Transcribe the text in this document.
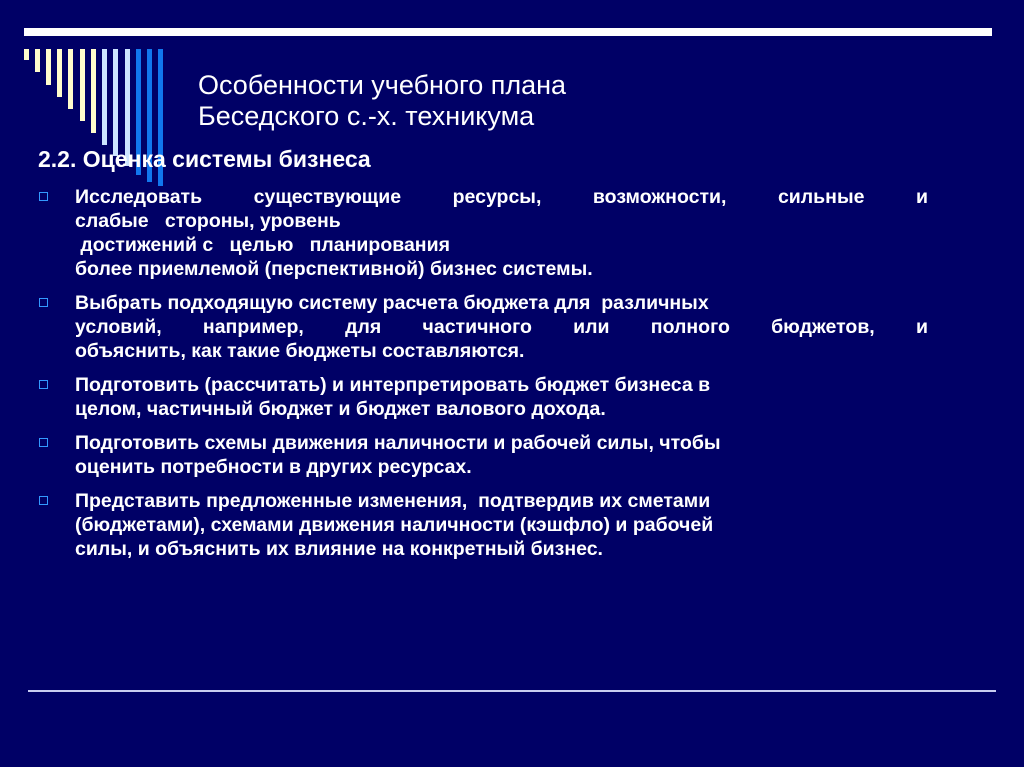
Особенности учебного плана
Беседского с.-х. техникума
2.2. Оценка системы бизнеса
Исследовать существующие ресурсы, возможности, сильные и
слабые   стороны, уровень
достижений с   целью   планирования
более приемлемой (перспективной) бизнес системы.
Выбрать подходящую систему расчета бюджета для  различных
условий, например, для частичного или полного бюджетов, и
объяснить, как такие бюджеты составляются.
Подготовить (рассчитать) и интерпретировать бюджет бизнеса в
целом, частичный бюджет и бюджет валового дохода.
Подготовить схемы движения наличности и рабочей силы, чтобы
оценить потребности в других ресурсах.
Представить предложенные изменения,  подтвердив их сметами
(бюджетами), схемами движения наличности (кэшфло) и рабочей
силы, и объяснить их влияние на конкретный бизнес.
